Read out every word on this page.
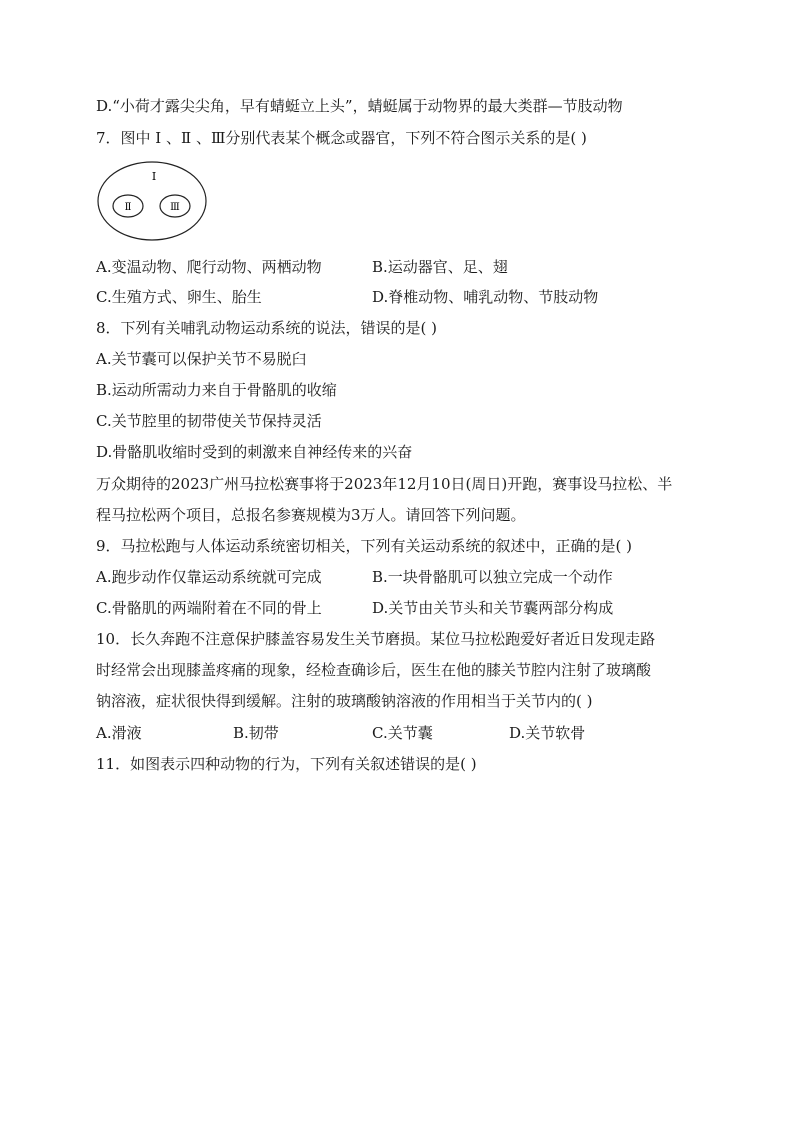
D.“小荷才露尖尖角，早有蜻蜓立上头”，蜻蜓属于动物界的最大类群—节肢动物
7．图中 Ⅰ 、Ⅱ 、Ⅲ分别代表某个概念或器官，下列不符合图示关系的是( )
Ⅰ
Ⅱ	Ⅲ
A.变温动物、爬行动物、两栖动物	B.运动器官、足、翅
C.生殖方式、卵生、胎生	D.脊椎动物、哺乳动物、节肢动物
8．下列有关哺乳动物运动系统的说法，错误的是( )
A.关节囊可以保护关节不易脱臼
B.运动所需动力来自于骨骼肌的收缩
C.关节腔里的韧带使关节保持灵活
D.骨骼肌收缩时受到的刺激来自神经传来的兴奋
万众期待的2023广州马拉松赛事将于2023年12月10日(周日)开跑，赛事设马拉松、半
程马拉松两个项目，总报名参赛规模为3万人。请回答下列问题。
9．马拉松跑与人体运动系统密切相关，下列有关运动系统的叙述中，正确的是( )
A.跑步动作仅靠运动系统就可完成	B.一块骨骼肌可以独立完成一个动作
C.骨骼肌的两端附着在不同的骨上	D.关节由关节头和关节囊两部分构成
10．长久奔跑不注意保护膝盖容易发生关节磨损。某位马拉松跑爱好者近日发现走路
时经常会出现膝盖疼痛的现象，经检查确诊后，医生在他的膝关节腔内注射了玻璃酸
钠溶液，症状很快得到缓解。注射的玻璃酸钠溶液的作用相当于关节内的( )
A.滑液	B.韧带	C.关节囊	D.关节软骨
11．如图表示四种动物的行为，下列有关叙述错误的是( )
